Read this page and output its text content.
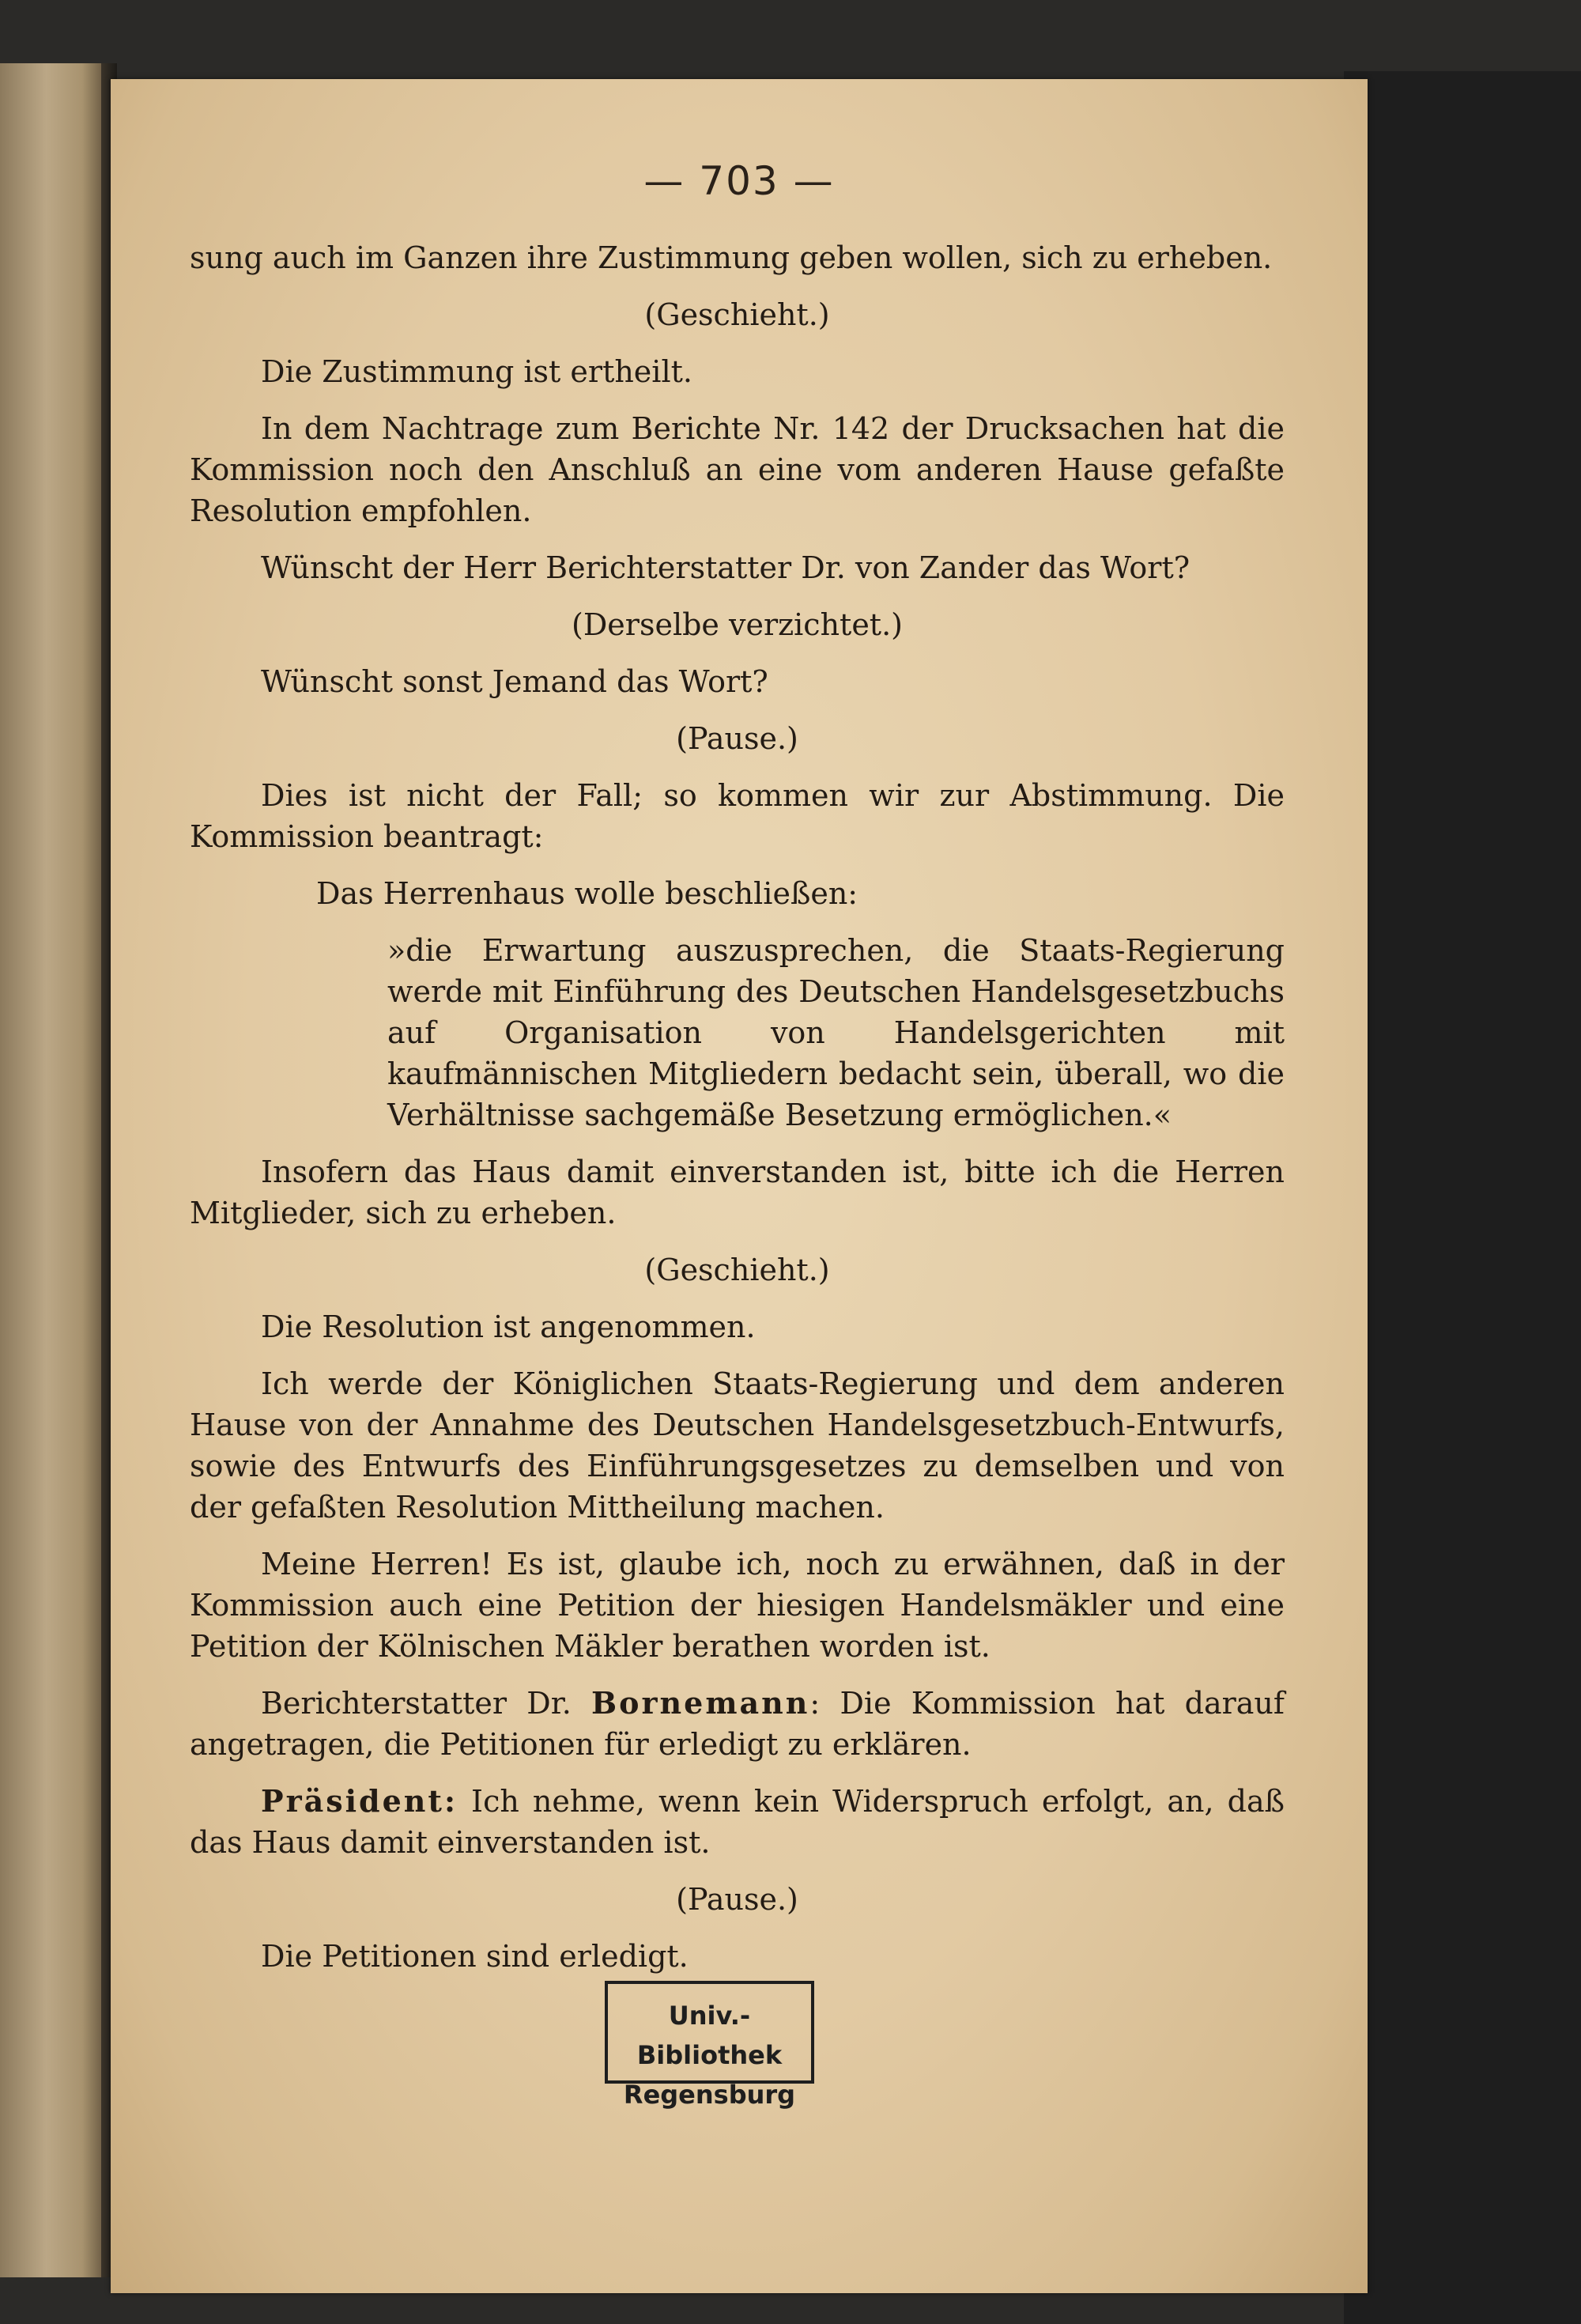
— 703 —

sung auch im Ganzen ihre Zustimmung geben wollen, sich zu erheben.

(Geschieht.)

Die Zustimmung ist ertheilt.

In dem Nachtrage zum Berichte Nr. 142 der Drucksachen hat die Kommission noch den Anschluß an eine vom anderen Hause gefaßte Resolution empfohlen.

Wünscht der Herr Berichterstatter Dr. von Zander das Wort?

(Derselbe verzichtet.)

Wünscht sonst Jemand das Wort?

(Pause.)

Dies ist nicht der Fall; so kommen wir zur Abstimmung. Die Kommission beantragt:

Das Herrenhaus wolle beschließen:

»die Erwartung auszusprechen, die Staats-Regierung werde mit Einführung des Deutschen Handelsgesetzbuchs auf Organisation von Handelsgerichten mit kaufmännischen Mitgliedern bedacht sein, überall, wo die Verhältnisse sachgemäße Besetzung ermöglichen.«

Insofern das Haus damit einverstanden ist, bitte ich die Herren Mitglieder, sich zu erheben.

(Geschieht.)

Die Resolution ist angenommen.

Ich werde der Königlichen Staats-Regierung und dem anderen Hause von der Annahme des Deutschen Handelsgesetzbuch-Entwurfs, sowie des Entwurfs des Einführungsgesetzes zu demselben und von der gefaßten Resolution Mittheilung machen.

Meine Herren! Es ist, glaube ich, noch zu erwähnen, daß in der Kommission auch eine Petition der hiesigen Handelsmäkler und eine Petition der Kölnischen Mäkler berathen worden ist.

Berichterstatter Dr. Bornemann: Die Kommission hat darauf angetragen, die Petitionen für erledigt zu erklären.

Präsident: Ich nehme, wenn kein Widerspruch erfolgt, an, daß das Haus damit einverstanden ist.

(Pause.)

Die Petitionen sind erledigt.

Univ.-Bibliothek
Regensburg
